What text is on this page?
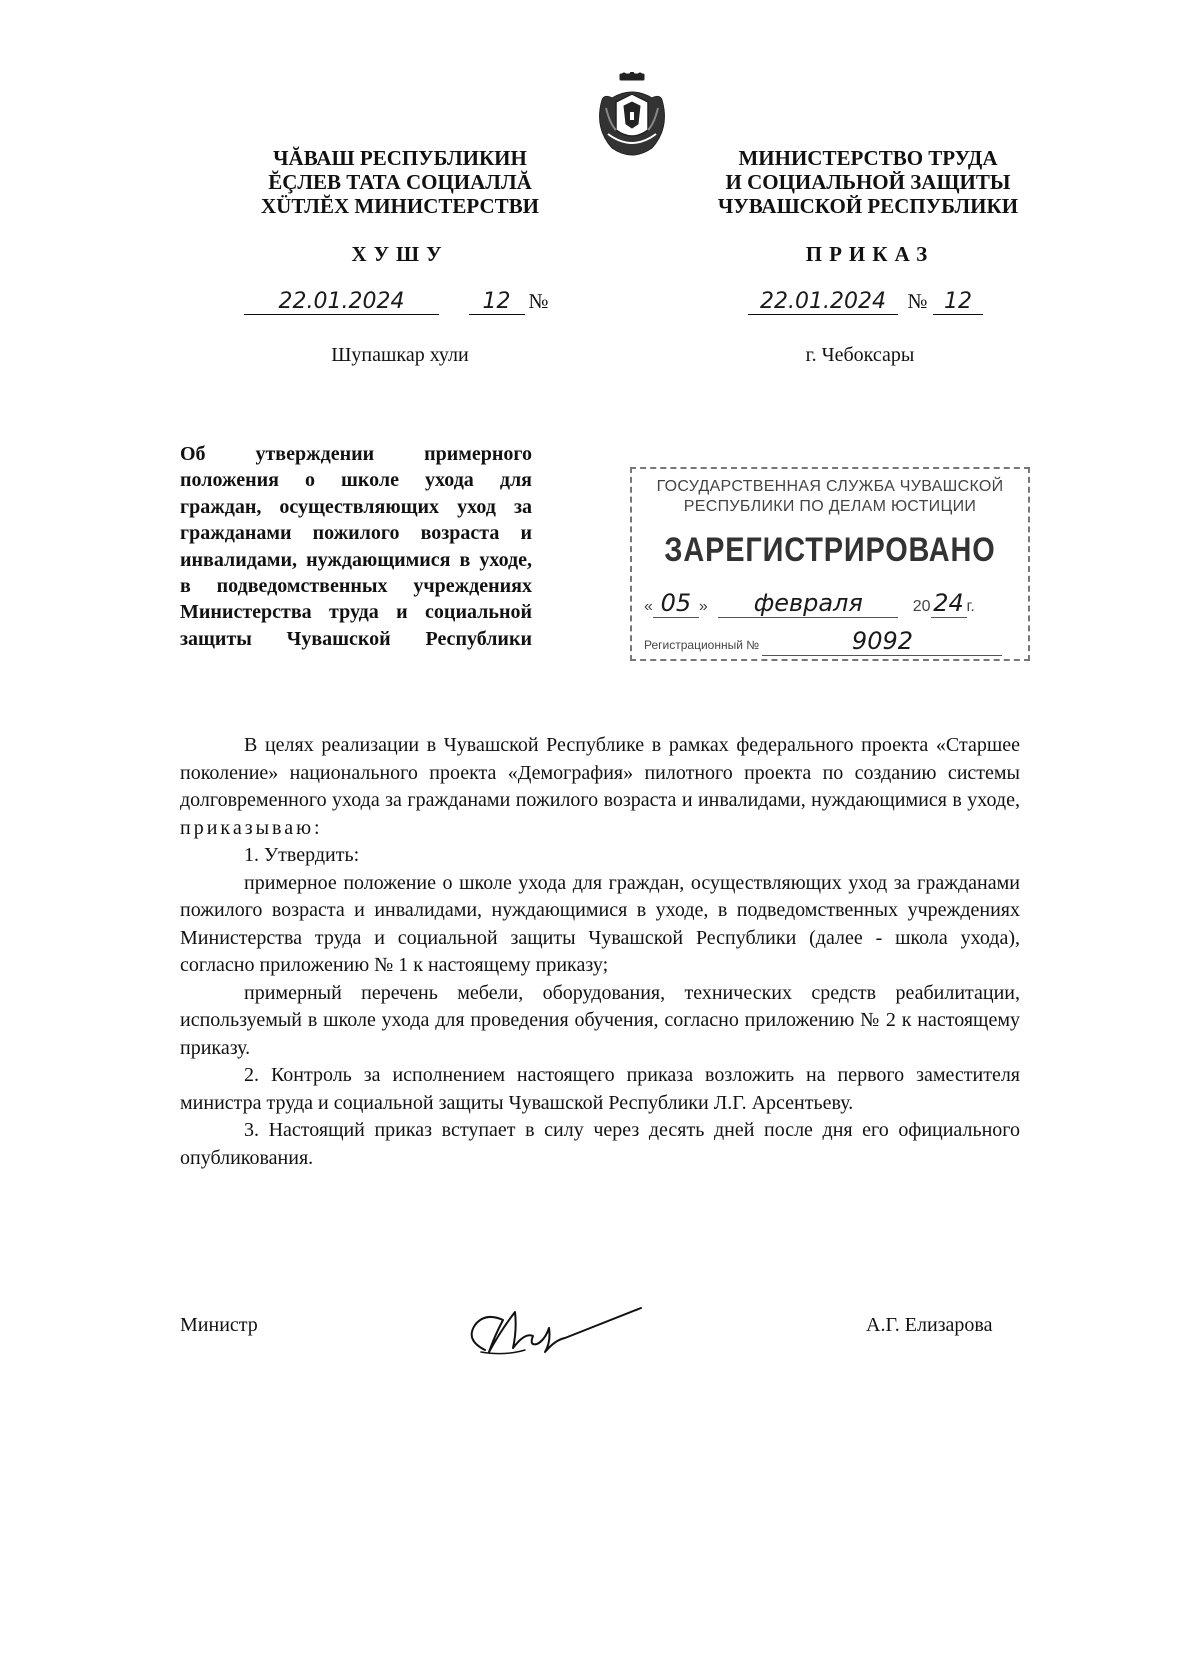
ЧĂВАШ РЕСПУБЛИКИН
ĔÇЛЕВ ТАТА СОЦИАЛЛĂ
ХÜТЛĔХ МИНИСТЕРСТВИ
МИНИСТЕРСТВО ТРУДА
И СОЦИАЛЬНОЙ ЗАЩИТЫ
ЧУВАШСКОЙ РЕСПУБЛИКИ
ХУШУ	ПРИКАЗ
22.01.2024	12 №	22.01.2024 № 12
Шупашкар хули	г. Чебоксары
Об утверждении примерного положения о школе ухода для граждан, осуществляющих уход за гражданами пожилого возраста и инвалидами, нуждающимися в уходе, в подведомственных учреждениях Министерства труда и социальной защиты Чувашской Республики
ГОСУДАРСТВЕННАЯ СЛУЖБА ЧУВАШСКОЙ
РЕСПУБЛИКИ ПО ДЕЛАМ ЮСТИЦИИ
ЗАРЕГИСТРИРОВАНО
« 05 » февраля	20 24 г.
Регистрационный №	9092

В целях реализации в Чувашской Республике в рамках федерального проекта «Старшее поколение» национального проекта «Демография» пилотного проекта по созданию системы долговременного ухода за гражданами пожилого возраста и инвалидами, нуждающимися в уходе, приказываю:

1. Утвердить:

примерное положение о школе ухода для граждан, осуществляющих уход за гражданами пожилого возраста и инвалидами, нуждающимися в уходе, в подведомственных учреждениях Министерства труда и социальной защиты Чувашской Республики (далее - школа ухода), согласно приложению № 1 к настоящему приказу;

примерный перечень мебели, оборудования, технических средств реабилитации, используемый в школе ухода для проведения обучения, согласно приложению № 2 к настоящему приказу.

2. Контроль за исполнением настоящего приказа возложить на первого заместителя министра труда и социальной защиты Чувашской Республики Л.Г. Арсентьеву.

3. Настоящий приказ вступает в силу через десять дней после дня его официального опубликования.

Министр	А.Г. Елизарова
